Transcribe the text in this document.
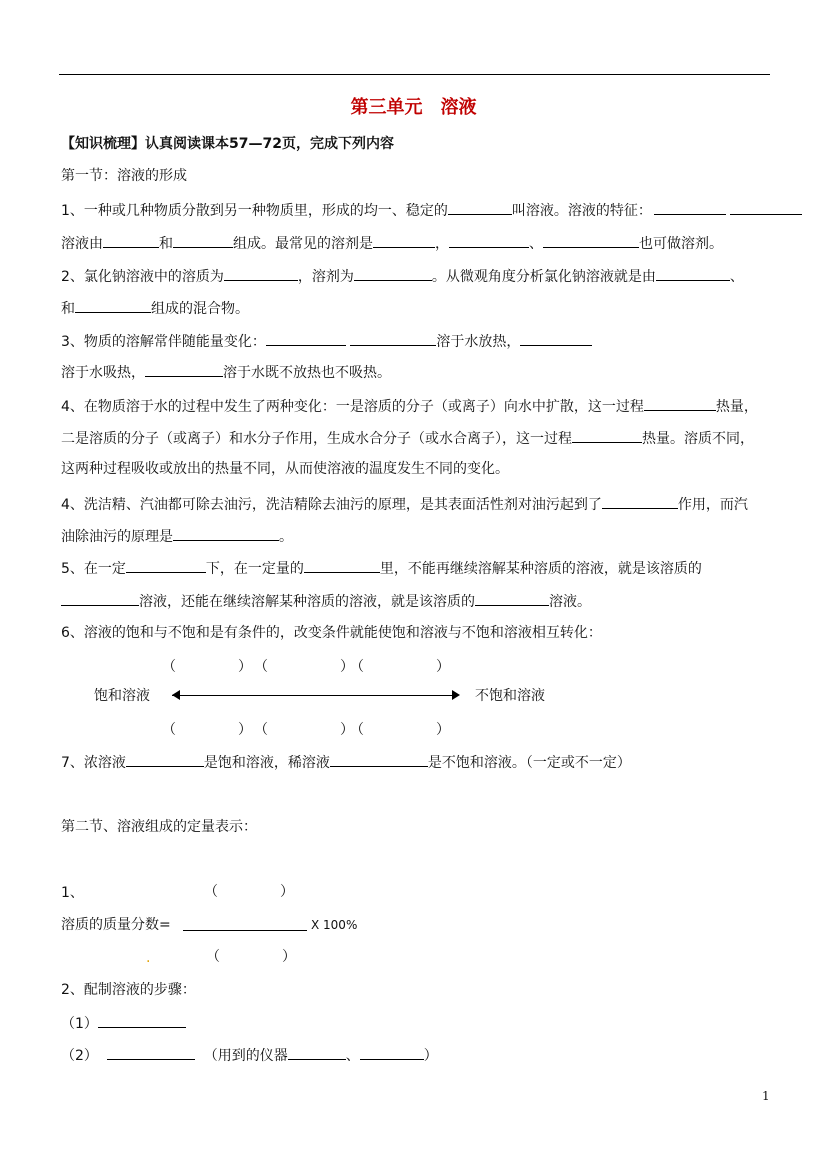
第三单元　溶液
【知识梳理】认真阅读课本57—72页，完成下列内容
第一节：溶液的形成
1、一种或几种物质分散到另一种物质里，形成的均一、稳定的	叫溶液。溶液的特征：
溶液由	和	组成。最常见的溶剂是	，	、	也可做溶剂。
2、氯化钠溶液中的溶质为	，溶剂为	。从微观角度分析氯化钠溶液就是由	、
和	组成的混合物。
3、物质的溶解常伴随能量变化：	溶于水放热，
溶于水吸热，	溶于水既不放热也不吸热。
4、在物质溶于水的过程中发生了两种变化：一是溶质的分子（或离子）向水中扩散，这一过程	热量，
二是溶质的分子（或离子）和水分子作用，生成水合分子（或水合离子），这一过程	热量。溶质不同，
这两种过程吸收或放出的热量不同，从而使溶液的温度发生不同的变化。
4、洗洁精、汽油都可除去油污，洗洁精除去油污的原理，是其表面活性剂对油污起到了	作用，而汽
油除油污的原理是	。
5、在一定	下，在一定量的	里，不能再继续溶解某种溶质的溶液，就是该溶质的
溶液，还能在继续溶解某种溶质的溶液，就是该溶质的	溶液。
6、溶液的饱和与不饱和是有条件的，改变条件就能使饱和溶液与不饱和溶液相互转化：
（	） （	）
（	）
饱和溶液	不饱和溶液
（	） （	）
（	）
7、浓溶液	是饱和溶液，稀溶液	是不饱和溶液。（一定或不一定）
第二节、溶液组成的定量表示：
1、	（	）
溶质的质量分数=	X 100%
.	（	）
2、配制溶液的步骤：
（1）
（2）	（用到的仪器	、	）
1
